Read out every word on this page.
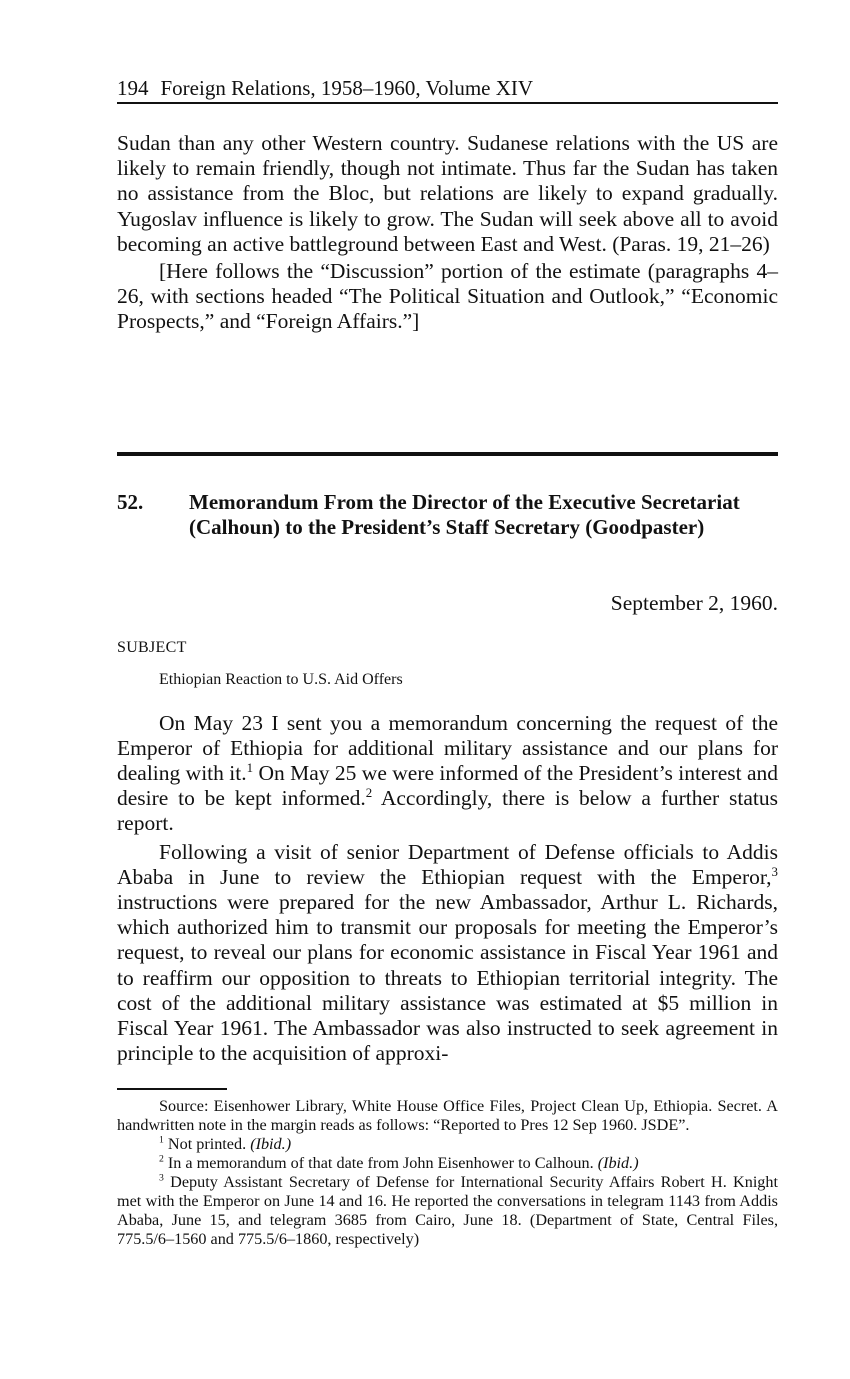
194 Foreign Relations, 1958–1960, Volume XIV

Sudan than any other Western country. Sudanese relations with the US are likely to remain friendly, though not intimate. Thus far the Sudan has taken no assistance from the Bloc, but relations are likely to expand gradually. Yugoslav influence is likely to grow. The Sudan will seek above all to avoid becoming an active battleground between East and West. (Paras. 19, 21–26)

[Here follows the “Discussion” portion of the estimate (paragraphs 4–26, with sections headed “The Political Situation and Outlook,” “Economic Prospects,” and “Foreign Affairs.”]

52.	Memorandum From the Director of the Executive Secretariat (Calhoun) to the President’s Staff Secretary (Goodpaster)
September 2, 1960.
SUBJECT
Ethiopian Reaction to U.S. Aid Offers

On May 23 I sent you a memorandum concerning the request of the Emperor of Ethiopia for additional military assistance and our plans for dealing with it.$^1$ On May 25 we were informed of the President’s interest and desire to be kept informed.$^2$ Accordingly, there is below a further status report.

Following a visit of senior Department of Defense officials to Addis Ababa in June to review the Ethiopian request with the Emperor,$^3$ instructions were prepared for the new Ambassador, Arthur L. Richards, which authorized him to transmit our proposals for meeting the Emperor’s request, to reveal our plans for economic assistance in Fiscal Year 1961 and to reaffirm our opposition to threats to Ethiopian territorial integrity. The cost of the additional military assistance was estimated at $5 million in Fiscal Year 1961. The Ambassador was also instructed to seek agreement in principle to the acquisition of approxi-

Source: Eisenhower Library, White House Office Files, Project Clean Up, Ethiopia. Secret. A handwritten note in the margin reads as follows: “Reported to Pres 12 Sep 1960. JSDE”.

$^1$ Not printed. (Ibid.)

$^2$ In a memorandum of that date from John Eisenhower to Calhoun. (Ibid.)

$^3$ Deputy Assistant Secretary of Defense for International Security Affairs Robert H. Knight met with the Emperor on June 14 and 16. He reported the conversations in telegram 1143 from Addis Ababa, June 15, and telegram 3685 from Cairo, June 18. (Department of State, Central Files, 775.5/6–1560 and 775.5/6–1860, respectively)
